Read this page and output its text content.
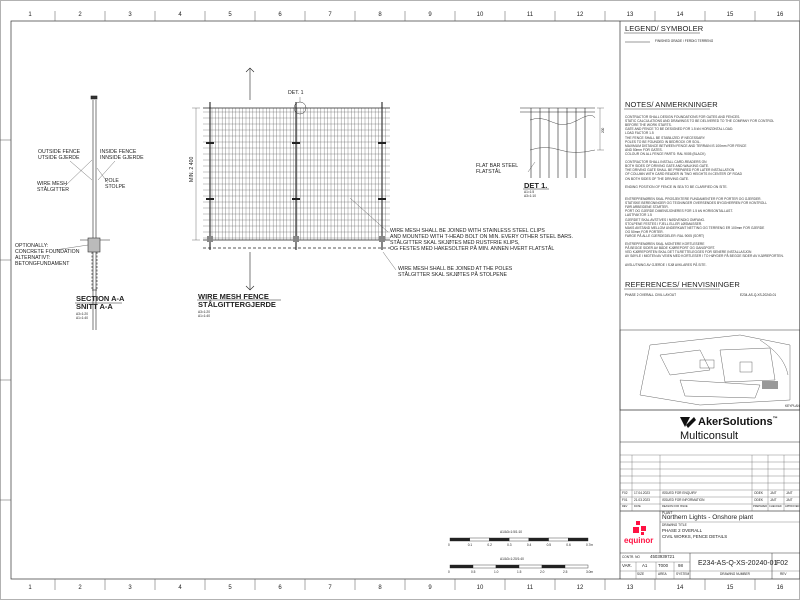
1	2	3	4	5	6	7	8	9	10	11	12	13	14	15	16
1	2	3	4	5	6	7	8	9	10	11	12	13	14	15	16
LEGEND/ SYMBOLER
FINISHED GRADE / FERDIG TERRENG
NOTES/ ANMERKNINGER
CONTRACTOR SHALL DESIGN FOUNDATIONS FOR GATES AND FENCES.
STATIC CALCULATIONS AND DRAWINGS TO BE DELIVERED TO THE COMPANY FOR CONTROL
BEFORE THE WORK STARTS.
GATE AND FENCE TO BE DESIGNED FOR 1.5 kN HORIZONTAL LOAD.
LOAD FACTOR 1.5
THE FENCE SHALL BE STABILIZED IF NECESSARY.
POLES TO BE FOUNDED IN BEDROCK OR SOIL.
MAXIMUM DISTANCE BETWEEN FENCE AND TERRAIN IS 100mm FOR FENCE
AND 50mm FOR GATES.
COLOUR ON ALL FENCE PARTS: RAL 9005 (BLACK)
CONTRACTOR SHALL INSTALL CARD-READERS ON
BOTH SIDES OF DRIVING GATE AND WALKING GATE.
THE DRIVING GATE SHALL BE PREPARED FOR LATER INSTALLATION
OF COLUMN WITH CARD READER IN TWO HEIGHTS IN CENTER OF ROAD
ON BOTH SIDES OF THE DRIVING GATE.
ENDING POSITION OF FENCE IN SEA TO BE CLARIFIED ON SITE.
ENTREPRENØREN SKAL PROSJEKTERE FUNDAMENTER FOR PORTER OG GJERDER.
STATISKE BEREGNINGER OG TEGNINGER OVERSENDES BYGGHERREN FOR KONTROLL
FØR ARBEIDENE STARTER.
PORT OG GJERDE DIMENSJONERES FOR 1.5 kN HORISONTALLAST.
LASTFAKTOR 1.5
GJERDET SKAL AVSTIVES I NØDVENDIG OMFANG.
STOLPENE FESTES I FJELL ELLER LØSMASSER.
MAKS AVSTAND MELLOM UNDERKANT NETTING OG TERRENG ER 100mm FOR GJERDE
OG 50mm FOR PORTER.
FARGE PÅ ALLE GJERDEDELER: RAL 9005 (SORT)
ENTREPRENØREN SKAL MONTERE KORTLESERE
PÅ BEGGE SIDER AV BÅDE KJØREPORT OG GANGPORT.
VED KJØREPORTEN SKAL DET TILRETTELEGGES FOR SENERE INSTALLASJON
AV SØYLE I MIDTEN AV VEIEN MED KORTLESER I TO HØYDER PÅ BEGGE SIDER AV KJØREPORTEN.
AVSLUTNING AV GJERDE I SJØ AVKLARES PÅ SITE.
REFERENCES/ HENVISNINGER
PHASE 2 OVERALL CIVIL LAYOUT	E234-AS-Q-XS-20240-01
OUTSIDE FENCE
UTSIDE GJERDE
INSIDE FENCE
INNSIDE GJERDE
WIRE MESH
STÅLGITTER
POLE
STOLPE
OPTIONALLY:
CONCRETE FOUNDATION
ALTERNATIVT:
BETONGFUNDAMENT
SECTION A-A
SNITT A-A
A3=1:20
A1=1:40
MIN. 2 400
DET. 1
WIRE MESH SHALL BE JOINED WITH STAINLESS STEEL CLIPS
AND MOUNTED WITH T-HEAD BOLT ON MIN. EVERY OTHER STEEL BARS.
STÅLGITTER SKAL SKJØTES MED RUSTFRIE KLIPS,
OG FESTES MED HAKESOLTER PÅ MIN. ANNEN HVERT FLATSTÅL
WIRE MESH SHALL BE JOINED AT THE POLES
STÅLGITTER SKAL SKJØTES PÅ STOLPENE
WIRE MESH FENCE
STÅLGITTERGJERDE
A3=1:20
A1=1:40
FLAT BAR STEEL
FLATSTÅL
200
DET 1.
A1=1:5
A3=1:10
A1/A3=1:5/1:10
A1/A3=1:20/1:40
0	0.1	0.2	0.3	0.4	0.5	0.6	0.7m
0	0.5	1.0	1.5	2.0	2.5	3.0m
KEYPLAN
AkerSolutions™
Multiconsult
F02 17.04.2023	ISSUED FOR ENQUIRY	ODEK JAIT	JAIT
F01 21.03.2023	ISSUED FOR INFORMATION	ODEK JAIT	JAIT
REV	DATE	REASON FOR ISSUE	PREPARED CHECKED APPROVED
PLANT
Northern Lights - Onshore plant
DRAWING TITLE
PHASE 2 OVERALL
CIVIL WORKS, FENCE DETAILS
equinor
CONTR. NO 4503939721
VAR. A1 T000 98
SIZE	AREA	SYSTEM
E234-AS-Q-XS-20240-01
DRAWING NUMBER
F02
REV
